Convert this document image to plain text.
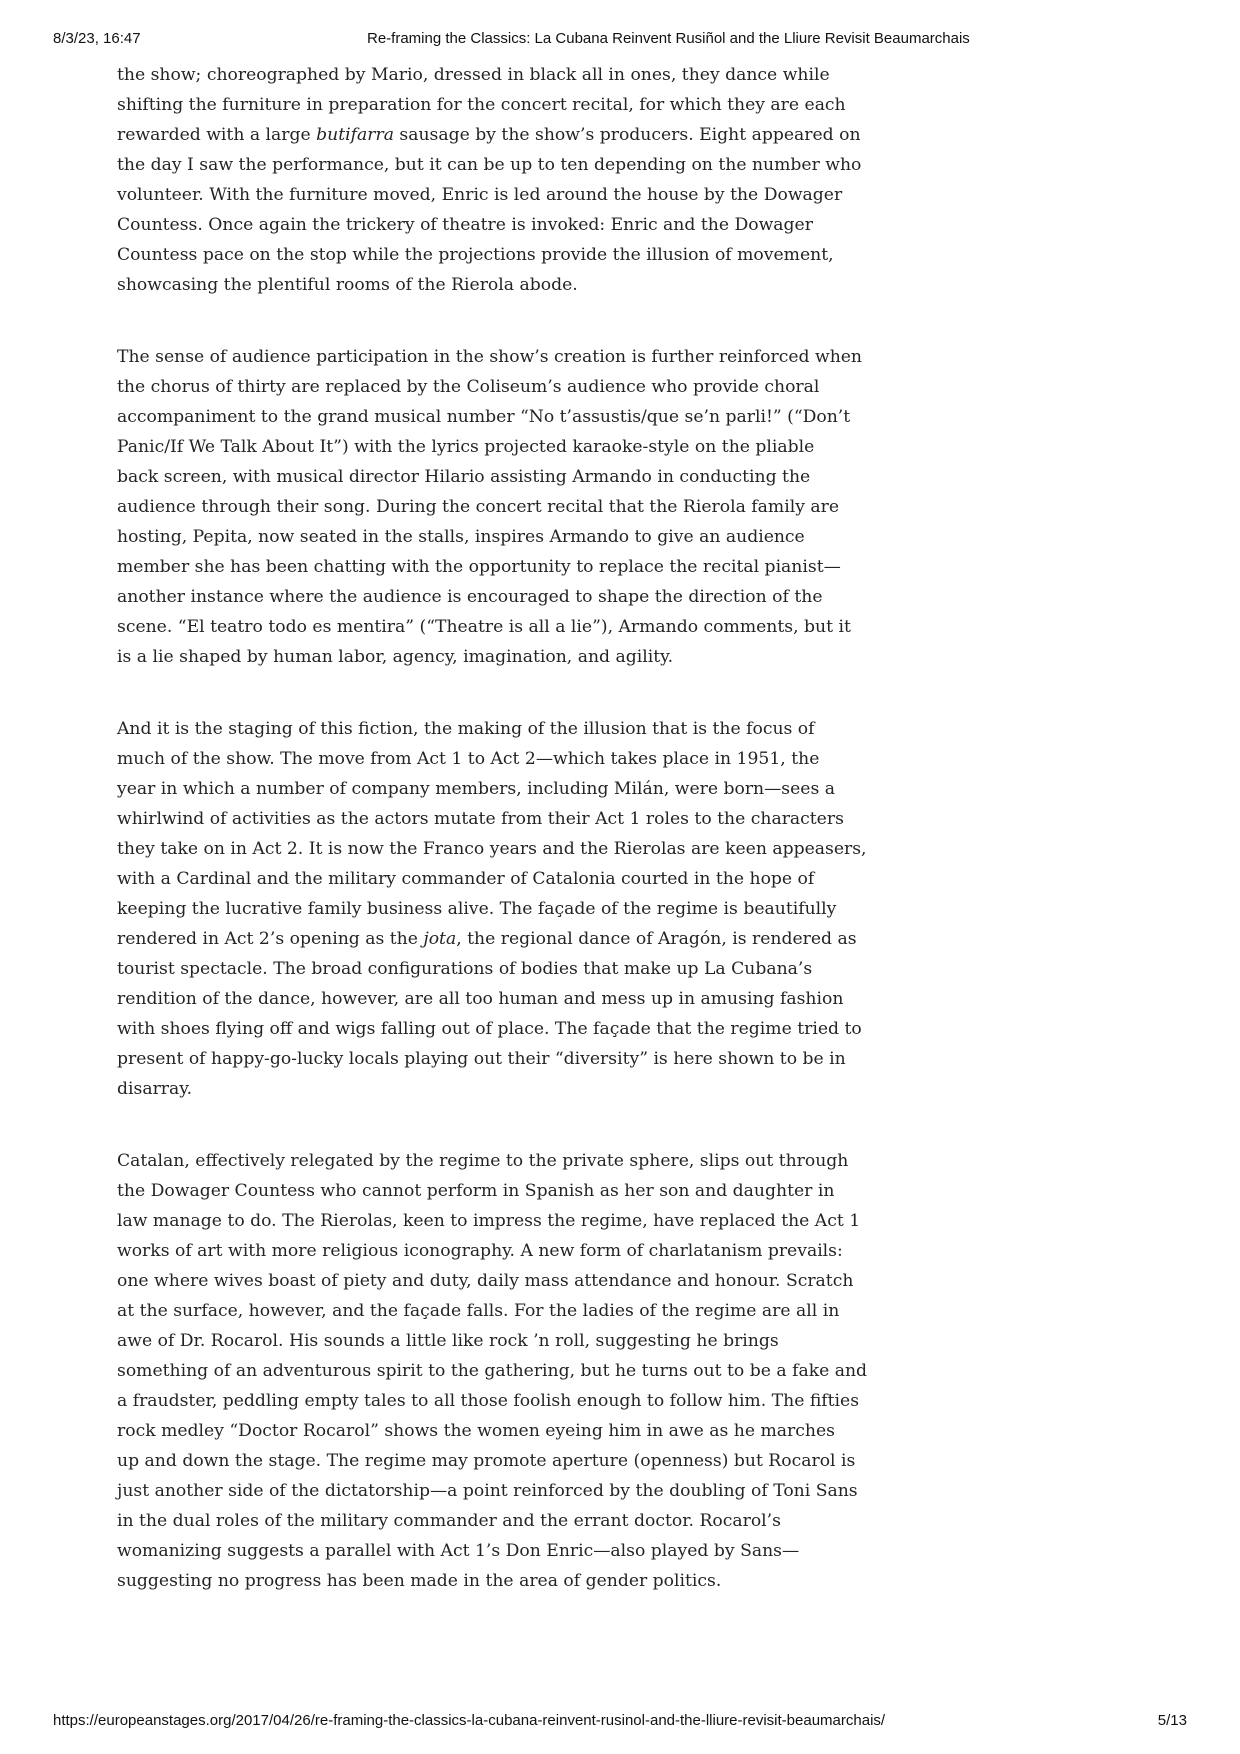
8/3/23, 16:47	Re-framing the Classics: La Cubana Reinvent Rusiñol and the Lliure Revisit Beaumarchais

the show; choreographed by Mario, dressed in black all in ones, they dance while
shifting the furniture in preparation for the concert recital, for which they are each
rewarded with a large butifarra sausage by the show’s producers. Eight appeared on
the day I saw the performance, but it can be up to ten depending on the number who
volunteer. With the furniture moved, Enric is led around the house by the Dowager
Countess. Once again the trickery of theatre is invoked: Enric and the Dowager
Countess pace on the stop while the projections provide the illusion of movement,
showcasing the plentiful rooms of the Rierola abode.

The sense of audience participation in the show’s creation is further reinforced when
the chorus of thirty are replaced by the Coliseum’s audience who provide choral
accompaniment to the grand musical number “No t’assustis/que se’n parli!” (“Don’t
Panic/If We Talk About It”) with the lyrics projected karaoke-style on the pliable
back screen, with musical director Hilario assisting Armando in conducting the
audience through their song. During the concert recital that the Rierola family are
hosting, Pepita, now seated in the stalls, inspires Armando to give an audience
member she has been chatting with the opportunity to replace the recital pianist—
another instance where the audience is encouraged to shape the direction of the
scene. “El teatro todo es mentira” (“Theatre is all a lie”), Armando comments, but it
is a lie shaped by human labor, agency, imagination, and agility.

And it is the staging of this fiction, the making of the illusion that is the focus of
much of the show. The move from Act 1 to Act 2—which takes place in 1951, the
year in which a number of company members, including Milán, were born—sees a
whirlwind of activities as the actors mutate from their Act 1 roles to the characters
they take on in Act 2. It is now the Franco years and the Rierolas are keen appeasers,
with a Cardinal and the military commander of Catalonia courted in the hope of
keeping the lucrative family business alive. The façade of the regime is beautifully
rendered in Act 2’s opening as the jota, the regional dance of Aragón, is rendered as
tourist spectacle. The broad configurations of bodies that make up La Cubana’s
rendition of the dance, however, are all too human and mess up in amusing fashion
with shoes flying off and wigs falling out of place. The façade that the regime tried to
present of happy-go-lucky locals playing out their “diversity” is here shown to be in
disarray.

Catalan, effectively relegated by the regime to the private sphere, slips out through
the Dowager Countess who cannot perform in Spanish as her son and daughter in
law manage to do. The Rierolas, keen to impress the regime, have replaced the Act 1
works of art with more religious iconography. A new form of charlatanism prevails:
one where wives boast of piety and duty, daily mass attendance and honour. Scratch
at the surface, however, and the façade falls. For the ladies of the regime are all in
awe of Dr. Rocarol. His sounds a little like rock ’n roll, suggesting he brings
something of an adventurous spirit to the gathering, but he turns out to be a fake and
a fraudster, peddling empty tales to all those foolish enough to follow him. The fifties
rock medley “Doctor Rocarol” shows the women eyeing him in awe as he marches
up and down the stage. The regime may promote aperture (openness) but Rocarol is
just another side of the dictatorship—a point reinforced by the doubling of Toni Sans
in the dual roles of the military commander and the errant doctor. Rocarol’s
womanizing suggests a parallel with Act 1’s Don Enric—also played by Sans—
suggesting no progress has been made in the area of gender politics.

https://europeanstages.org/2017/04/26/re-framing-the-classics-la-cubana-reinvent-rusinol-and-the-lliure-revisit-beaumarchais/	5/13
